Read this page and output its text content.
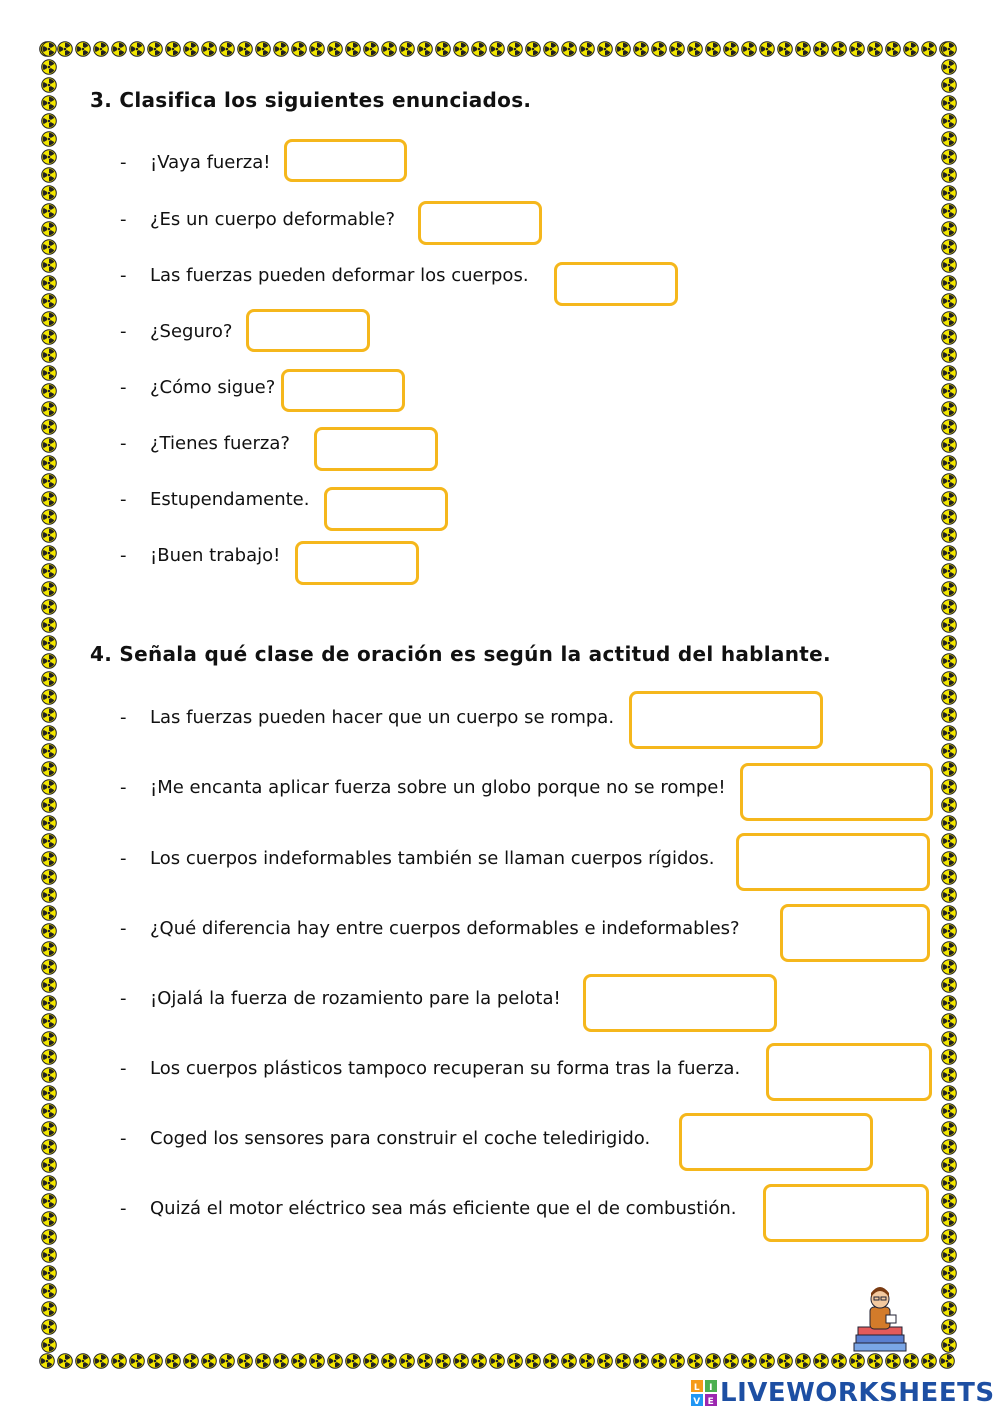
3. Clasifica los siguientes enunciados.
-	¡Vaya fuerza!
-	¿Es un cuerpo deformable?
-	Las fuerzas pueden deformar los cuerpos.
-	¿Seguro?
-	¿Cómo sigue?
-	¿Tienes fuerza?
-	Estupendamente.
-	¡Buen trabajo!
4. Señala qué clase de oración es según la actitud del hablante.
-	Las fuerzas pueden hacer que un cuerpo se rompa.
-	¡Me encanta aplicar fuerza sobre un globo porque no se rompe!
-	Los cuerpos indeformables también se llaman cuerpos rígidos.
-	¿Qué diferencia hay entre cuerpos deformables e indeformables?
-	¡Ojalá la fuerza de rozamiento pare la pelota!
-	Los cuerpos plásticos tampoco recuperan su forma tras la fuerza.
-	Coged los sensores para construir el coche teledirigido.
-	Quizá el motor eléctrico sea más eficiente que el de combustión.
L I
V E LIVEWORKSHEETS
